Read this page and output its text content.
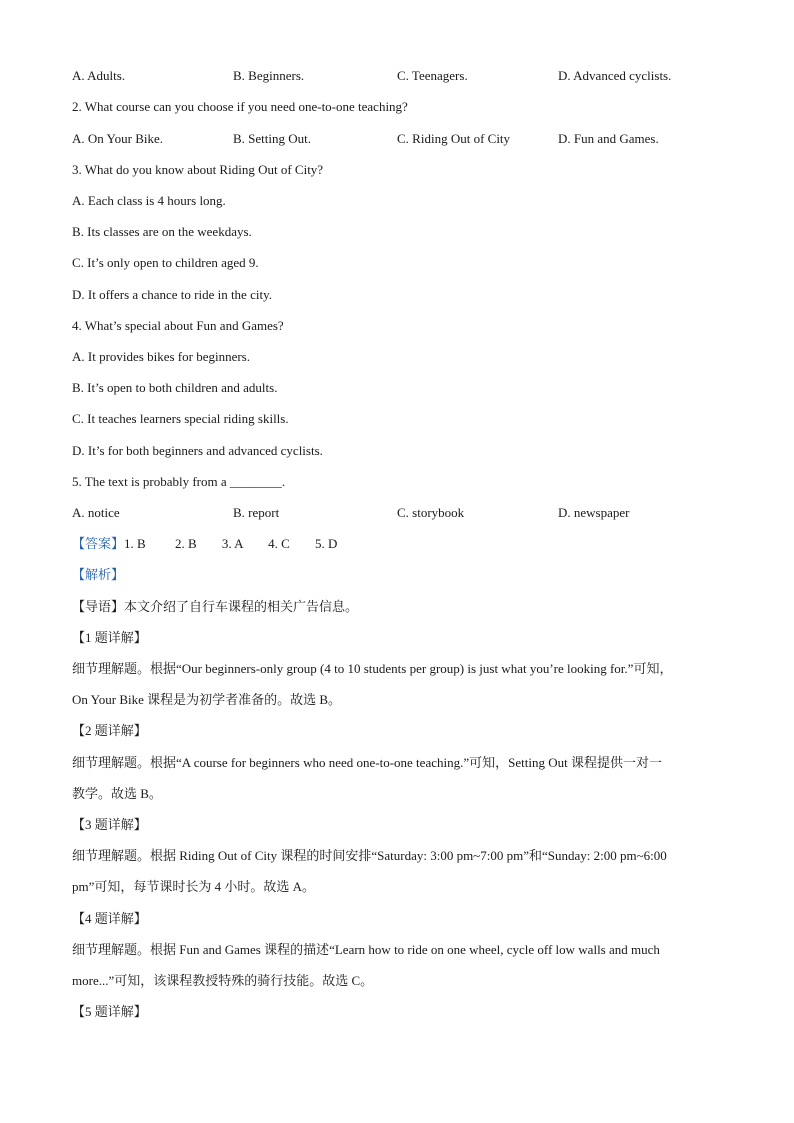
A. Adults.	B. Beginners.	C. Teenagers.	D. Advanced cyclists.
2. What course can you choose if you need one-to-one teaching?
A. On Your Bike.	B. Setting Out.	C. Riding Out of City	D. Fun and Games.
3. What do you know about Riding Out of City?
A. Each class is 4 hours long.
B. Its classes are on the weekdays.
C. It’s only open to children aged 9.
D. It offers a chance to ride in the city.
4. What’s special about Fun and Games?
A. It provides bikes for beginners.
B. It’s open to both children and adults.
C. It teaches learners special riding skills.
D. It’s for both beginners and advanced cyclists.
5. The text is probably from a ________.
A. notice	B. report	C. storybook	D. newspaper
【答案】1. B 2. B 3. A 4. C 5. D
【解析】
【导语】本文介绍了自行车课程的相关广告信息。
【1 题详解】
细节理解题。根据“Our beginners-only group (4 to 10 students per group) is just what you’re looking for.”可知，
On Your Bike 课程是为初学者准备的。故选 B。
【2 题详解】
细节理解题。根据“A course for beginners who need one-to-one teaching.”可知，Setting Out 课程提供一对一
教学。故选 B。
【3 题详解】
细节理解题。根据 Riding Out of City 课程的时间安排“Saturday: 3:00 pm~7:00 pm”和“Sunday: 2:00 pm~6:00
pm”可知，每节课时长为 4 小时。故选 A。
【4 题详解】
细节理解题。根据 Fun and Games 课程的描述“Learn how to ride on one wheel, cycle off low walls and much
more...”可知，该课程教授特殊的骑行技能。故选 C。
【5 题详解】
